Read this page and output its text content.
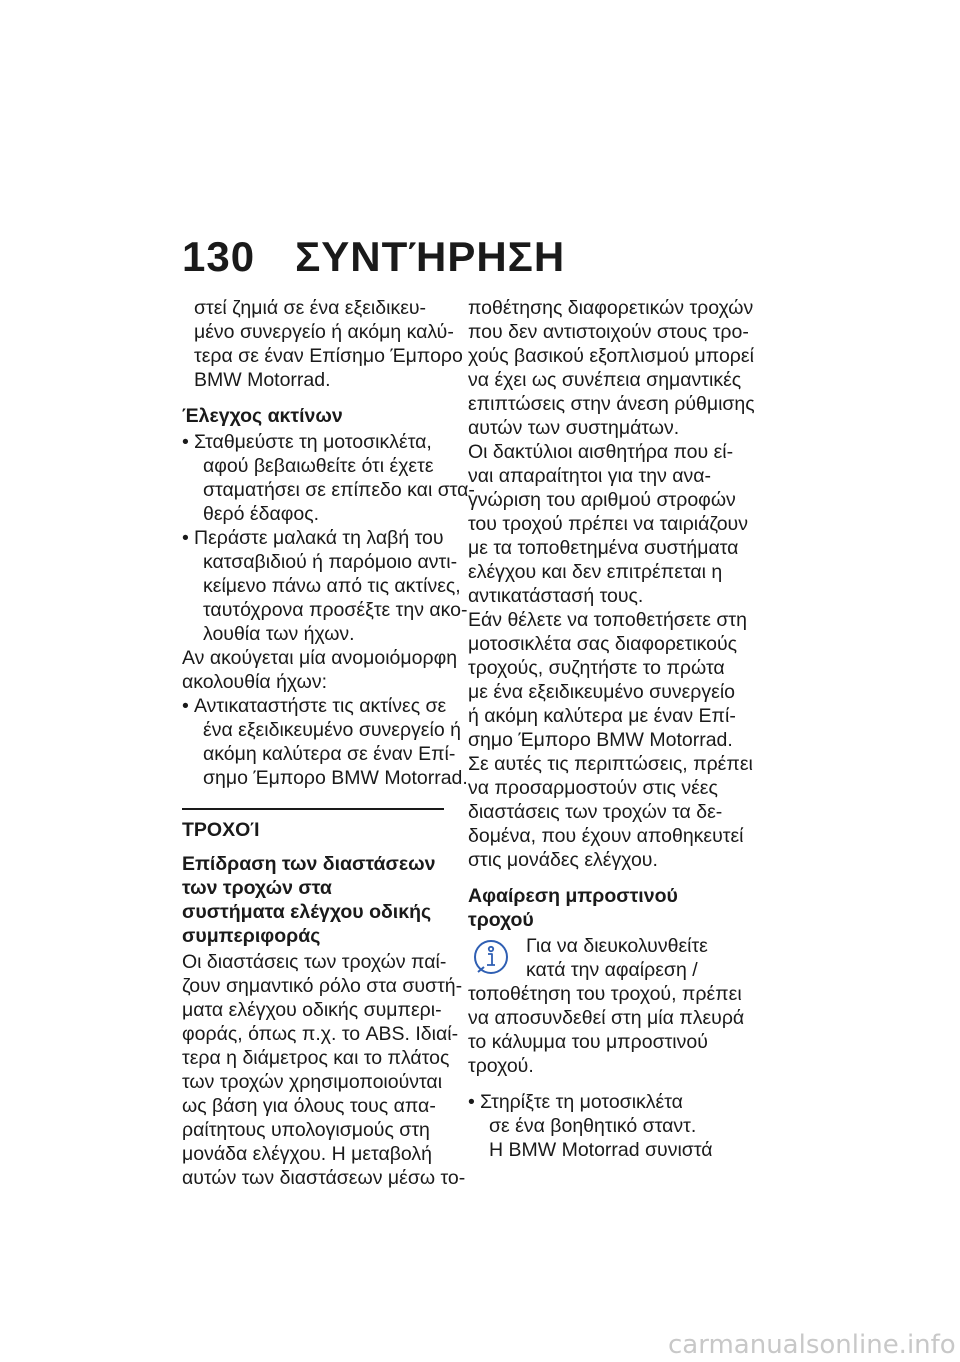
130 ΣΥΝΤΉΡΗΣΗ
στεί ζημιά σε ένα εξειδικευ-
μένο συνεργείο ή ακόμη καλύ-
τερα σε έναν Επίσημο Έμπορο
BMW Motorrad.
Έλεγχος ακτίνων
• Σταθμεύστε τη μοτοσικλέτα,
αφού βεβαιωθείτε ότι έχετε
σταματήσει σε επίπεδο και στα-
θερό έδαφος.
• Περάστε μαλακά τη λαβή του
κατσαβιδιού ή παρόμοιο αντι-
κείμενο πάνω από τις ακτίνες,
ταυτόχρονα προσέξτε την ακο-
λουθία των ήχων.
Αν ακούγεται μία ανομοιόμορφη
ακολουθία ήχων:
• Αντικαταστήστε τις ακτίνες σε
ένα εξειδικευμένο συνεργείο ή
ακόμη καλύτερα σε έναν Επί-
σημο Έμπορο BMW Motorrad.
ΤΡΟΧΟΊ
Επίδραση των διαστάσεων
των τροχών στα
συστήματα ελέγχου οδικής
συμπεριφοράς
Οι διαστάσεις των τροχών παί-
ζουν σημαντικό ρόλο στα συστή-
ματα ελέγχου οδικής συμπερι-
φοράς, όπως π.χ. το ABS. Ιδιαί-
τερα η διάμετρος και το πλάτος
των τροχών χρησιμοποιούνται
ως βάση για όλους τους απα-
ραίτητους υπολογισμούς στη
μονάδα ελέγχου. Η μεταβολή
αυτών των διαστάσεων μέσω το-
ποθέτησης διαφορετικών τροχών
που δεν αντιστοιχούν στους τρο-
χούς βασικού εξοπλισμού μπορεί
να έχει ως συνέπεια σημαντικές
επιπτώσεις στην άνεση ρύθμισης
αυτών των συστημάτων.
Οι δακτύλιοι αισθητήρα που εί-
ναι απαραίτητοι για την ανα-
γνώριση του αριθμού στροφών
του τροχού πρέπει να ταιριάζουν
με τα τοποθετημένα συστήματα
ελέγχου και δεν επιτρέπεται η
αντικατάστασή τους.
Εάν θέλετε να τοποθετήσετε στη
μοτοσικλέτα σας διαφορετικούς
τροχούς, συζητήστε το πρώτα
με ένα εξειδικευμένο συνεργείο
ή ακόμη καλύτερα με έναν Επί-
σημο Έμπορο BMW Motorrad.
Σε αυτές τις περιπτώσεις, πρέπει
να προσαρμοστούν στις νέες
διαστάσεις των τροχών τα δε-
δομένα, που έχουν αποθηκευτεί
στις μονάδες ελέγχου.
Αφαίρεση μπροστινού
τροχού
Για να διευκολυνθείτε
κατά την αφαίρεση /
τοποθέτηση του τροχού, πρέπει
να αποσυνδεθεί στη μία πλευρά
το κάλυμμα του μπροστινού
τροχού.
• Στηρίξτε τη μοτοσικλέτα
σε ένα βοηθητικό σταντ.
Η BMW Motorrad συνιστά
carmanualsonline.info
